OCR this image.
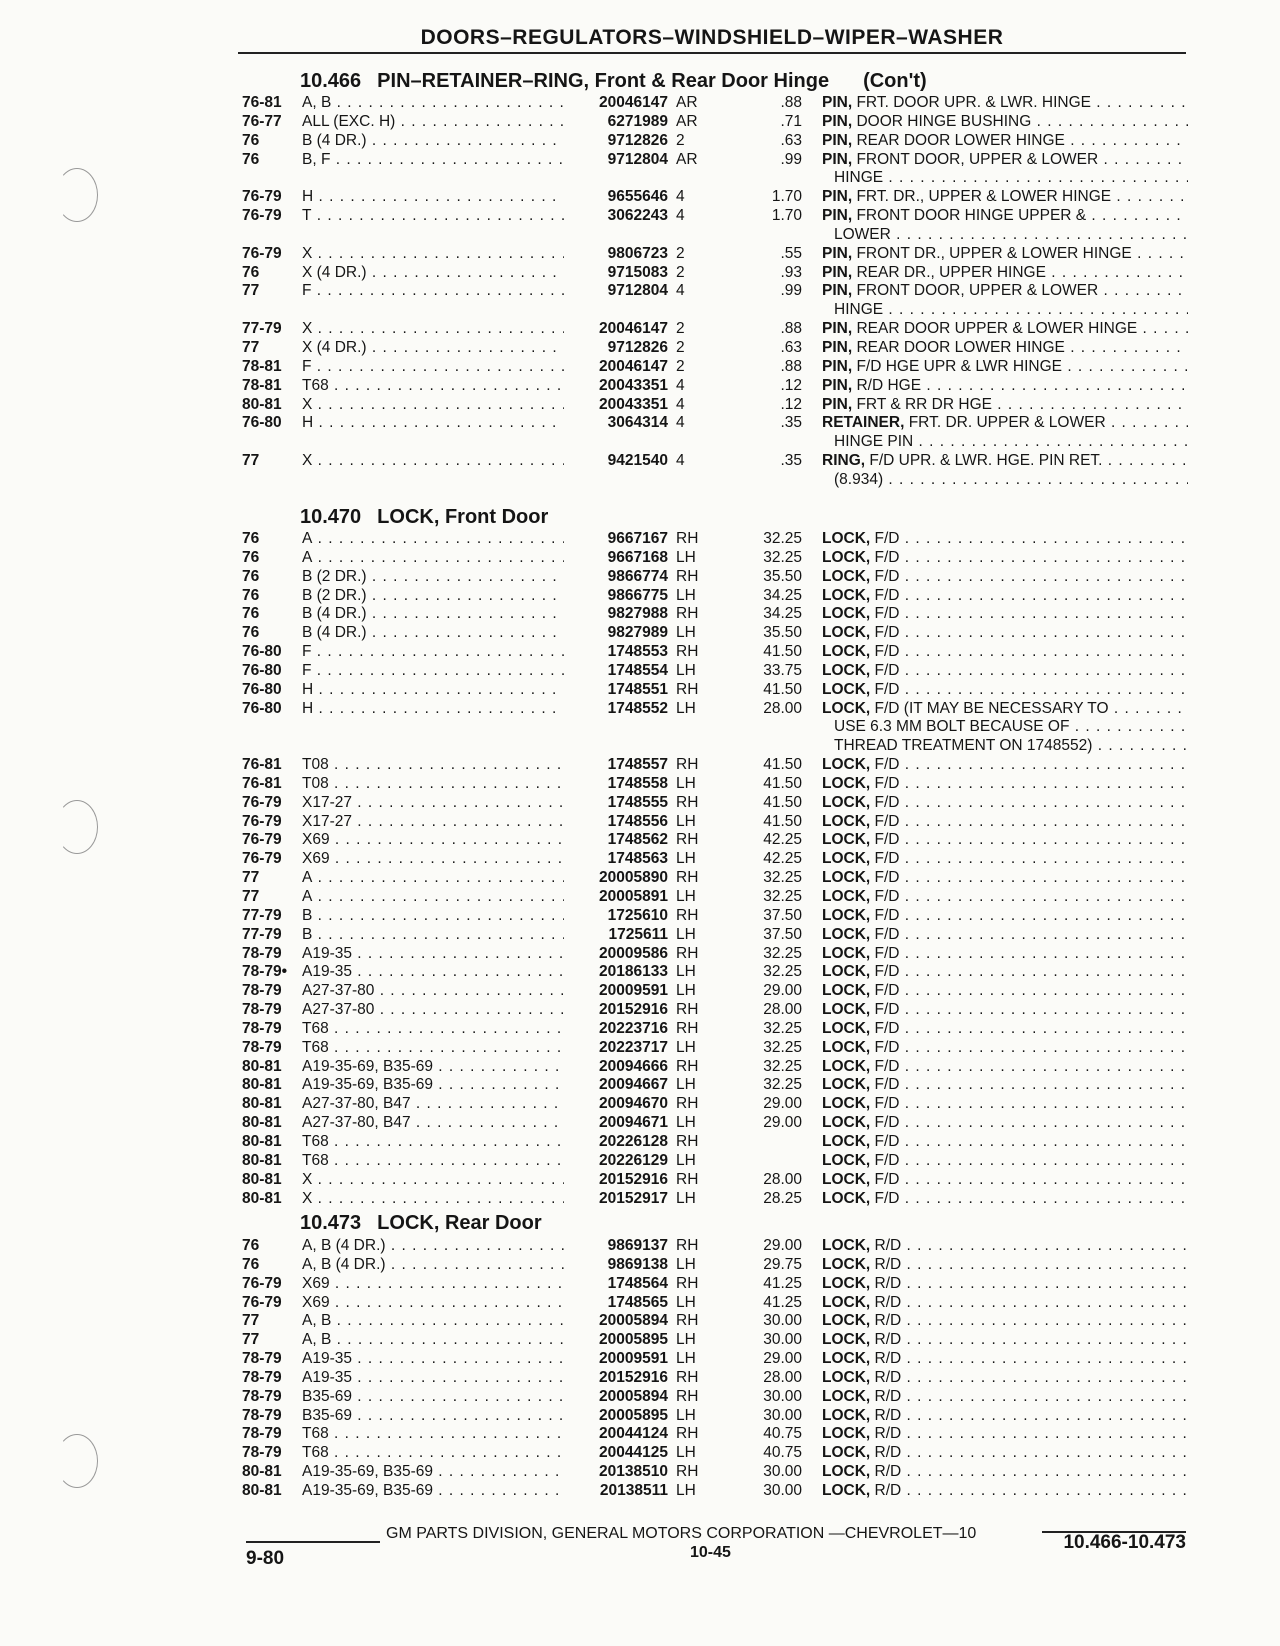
DOORS–REGULATORS–WINDSHIELD–WIPER–WASHER
10.466 PIN–RETAINER–RING, Front & Rear Door Hinge (Con't)
76-81	A, B . . .	20046147 AR	.88 PIN, FRT. DOOR UPR. & LWR. HINGE . . .
76-77	ALL (EXC. H) . . .	6271989 AR	.71 PIN, DOOR HINGE BUSHING . . .
76	B (4 DR.) . . .	9712826 2	.63 PIN, REAR DOOR LOWER HINGE . . .
76	B, F . . .	9712804 AR	.99 PIN, FRONT DOOR, UPPER & LOWER . . .
HINGE . . .
76-79	H . . .	9655646 4	1.70 PIN, FRT. DR., UPPER & LOWER HINGE . . .
76-79	T . . .	3062243 4	1.70 PIN, FRONT DOOR HINGE UPPER & . . .
LOWER . . .
76-79	X . . .	9806723 2	.55 PIN, FRONT DR., UPPER & LOWER HINGE . . .
76	X (4 DR.) . . .	9715083 2	.93 PIN, REAR DR., UPPER HINGE . . .
77	F . . .	9712804 4	.99 PIN, FRONT DOOR, UPPER & LOWER . . .
HINGE . . .
77-79	X . . .	20046147 2	.88 PIN, REAR DOOR UPPER & LOWER HINGE . . .
77	X (4 DR.) . . .	9712826 2	.63 PIN, REAR DOOR LOWER HINGE . . .
78-81	F . . .	20046147 2	.88 PIN, F/D HGE UPR & LWR HINGE . . .
78-81	T68 . . .	20043351 4	.12 PIN, R/D HGE . . .
80-81	X . . .	20043351 4	.12 PIN, FRT & RR DR HGE . . .
76-80	H . . .	3064314 4	.35 RETAINER, FRT. DR. UPPER & LOWER . . .
HINGE PIN . . .
77	X . . .	9421540 4	.35 RING, F/D UPR. & LWR. HGE. PIN RET. . . .
(8.934) . . .
10.470 LOCK, Front Door
76	A . . .	9667167 RH	32.25 LOCK, F/D . . .
76	A . . .	9667168 LH	32.25 LOCK, F/D . . .
76	B (2 DR.) . . .	9866774 RH	35.50 LOCK, F/D . . .
76	B (2 DR.) . . .	9866775 LH	34.25 LOCK, F/D . . .
76	B (4 DR.) . . .	9827988 RH	34.25 LOCK, F/D . . .
76	B (4 DR.) . . .	9827989 LH	35.50 LOCK, F/D . . .
76-80	F . . .	1748553 RH	41.50 LOCK, F/D . . .
76-80	F . . .	1748554 LH	33.75 LOCK, F/D . . .
76-80	H . . .	1748551 RH	41.50 LOCK, F/D . . .
76-80	H . . .	1748552 LH	28.00 LOCK, F/D (IT MAY BE NECESSARY TO . . .
USE 6.3 MM BOLT BECAUSE OF . . .
THREAD TREATMENT ON 1748552) . . .
76-81	T08 . . .	1748557 RH	41.50 LOCK, F/D . . .
76-81	T08 . . .	1748558 LH	41.50 LOCK, F/D . . .
76-79	X17-27 . . .	1748555 RH	41.50 LOCK, F/D . . .
76-79	X17-27 . . .	1748556 LH	41.50 LOCK, F/D . . .
76-79	X69 . . .	1748562 RH	42.25 LOCK, F/D . . .
76-79	X69 . . .	1748563 LH	42.25 LOCK, F/D . . .
77	A . . .	20005890 RH	32.25 LOCK, F/D . . .
77	A . . .	20005891 LH	32.25 LOCK, F/D . . .
77-79	B . . .	1725610 RH	37.50 LOCK, F/D . . .
77-79	B . . .	1725611 LH	37.50 LOCK, F/D . . .
78-79	A19-35 . . .	20009586 RH	32.25 LOCK, F/D . . .
78-79• A19-35 . . .	20186133 LH	32.25 LOCK, F/D . . .
78-79	A27-37-80 . . .	20009591 LH	29.00 LOCK, F/D . . .
78-79	A27-37-80 . . .	20152916 RH	28.00 LOCK, F/D . . .
78-79	T68 . . .	20223716 RH	32.25 LOCK, F/D . . .
78-79	T68 . . .	20223717 LH	32.25 LOCK, F/D . . .
80-81	A19-35-69, B35-69 . . .	20094666 RH	32.25 LOCK, F/D . . .
80-81	A19-35-69, B35-69 . . .	20094667 LH	32.25 LOCK, F/D . . .
80-81	A27-37-80, B47 . . .	20094670 RH	29.00 LOCK, F/D . . .
80-81	A27-37-80, B47 . . .	20094671 LH	29.00 LOCK, F/D . . .
80-81	T68 . . .	20226128 RH	LOCK, F/D . . .
80-81	T68 . . .	20226129 LH	LOCK, F/D . . .
80-81	X . . .	20152916 RH	28.00 LOCK, F/D . . .
80-81	X . . .	20152917 LH	28.25 LOCK, F/D . . .
10.473 LOCK, Rear Door
76	A, B (4 DR.) . . .	9869137 RH	29.00 LOCK, R/D . . .
76	A, B (4 DR.) . . .	9869138 LH	29.75 LOCK, R/D . . .
76-79	X69 . . .	1748564 RH	41.25 LOCK, R/D . . .
76-79	X69 . . .	1748565 LH	41.25 LOCK, R/D . . .
77	A, B . . .	20005894 RH	30.00 LOCK, R/D . . .
77	A, B . . .	20005895 LH	30.00 LOCK, R/D . . .
78-79	A19-35 . . .	20009591 LH	29.00 LOCK, R/D . . .
78-79	A19-35 . . .	20152916 RH	28.00 LOCK, R/D . . .
78-79	B35-69 . . .	20005894 RH	30.00 LOCK, R/D . . .
78-79	B35-69 . . .	20005895 LH	30.00 LOCK, R/D . . .
78-79	T68 . . .	20044124 RH	40.75 LOCK, R/D . . .
78-79	T68 . . .	20044125 LH	40.75 LOCK, R/D . . .
80-81	A19-35-69, B35-69 . . .	20138510 RH	30.00 LOCK, R/D . . .
80-81	A19-35-69, B35-69 . . .	20138511 LH	30.00 LOCK, R/D . . .
GM PARTS DIVISION, GENERAL MOTORS CORPORATION —CHEVROLET—10
9-80	10-45	10.466-10.473
